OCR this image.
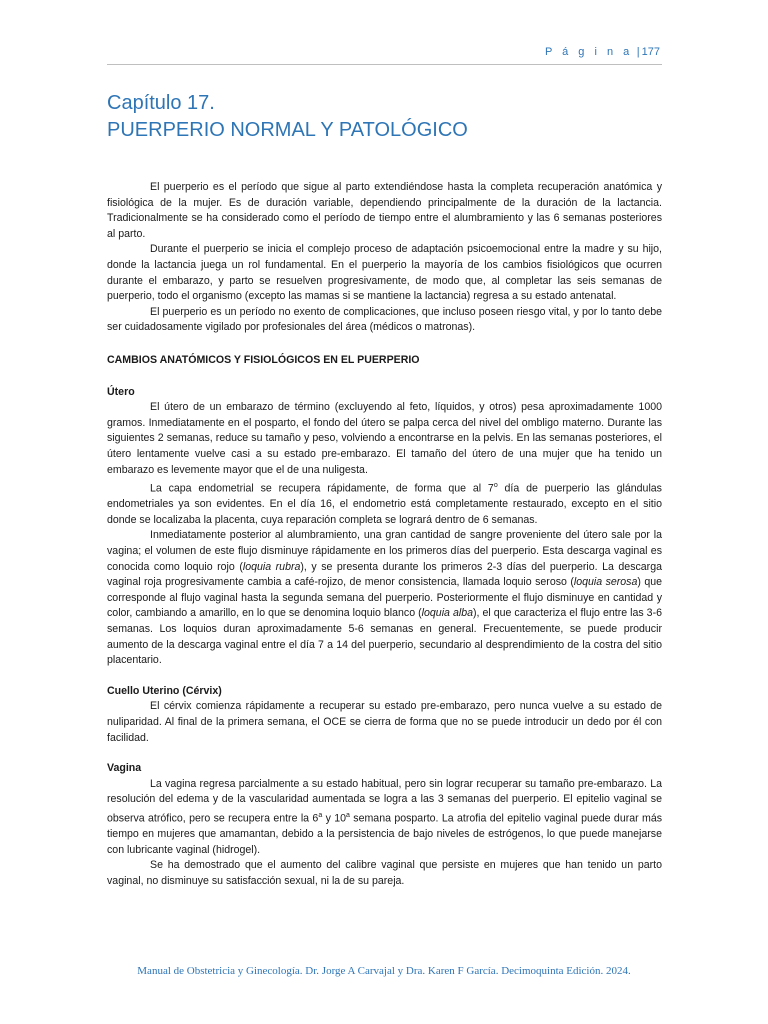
P á g i n a | 177
Capítulo 17.
PUERPERIO NORMAL Y PATOLÓGICO

El puerperio es el período que sigue al parto extendiéndose hasta la completa recuperación anatómica y fisiológica de la mujer. Es de duración variable, dependiendo principalmente de la duración de la lactancia. Tradicionalmente se ha considerado como el período de tiempo entre el alumbramiento y las 6 semanas posteriores al parto.

Durante el puerperio se inicia el complejo proceso de adaptación psicoemocional entre la madre y su hijo, donde la lactancia juega un rol fundamental. En el puerperio la mayoría de los cambios fisiológicos que ocurren durante el embarazo, y parto se resuelven progresivamente, de modo que, al completar las seis semanas de puerperio, todo el organismo (excepto las mamas si se mantiene la lactancia) regresa a su estado antenatal.

El puerperio es un período no exento de complicaciones, que incluso poseen riesgo vital, y por lo tanto debe ser cuidadosamente vigilado por profesionales del área (médicos o matronas).

CAMBIOS ANATÓMICOS Y FISIOLÓGICOS EN EL PUERPERIO
Útero

El útero de un embarazo de término (excluyendo al feto, líquidos, y otros) pesa aproximadamente 1000 gramos. Inmediatamente en el posparto, el fondo del útero se palpa cerca del nivel del ombligo materno. Durante las siguientes 2 semanas, reduce su tamaño y peso, volviendo a encontrarse en la pelvis. En las semanas posteriores, el útero lentamente vuelve casi a su estado pre-embarazo. El tamaño del útero de una mujer que ha tenido un embarazo es levemente mayor que el de una nuligesta.

La capa endometrial se recupera rápidamente, de forma que al 7$^o$ día de puerperio las glándulas endometriales ya son evidentes. En el día 16, el endometrio está completamente restaurado, excepto en el sitio donde se localizaba la placenta, cuya reparación completa se logrará dentro de 6 semanas.

Inmediatamente posterior al alumbramiento, una gran cantidad de sangre proveniente del útero sale por la vagina; el volumen de este flujo disminuye rápidamente en los primeros días del puerperio. Esta descarga vaginal es conocida como loquio rojo (loquia rubra), y se presenta durante los primeros 2-3 días del puerperio. La descarga vaginal roja progresivamente cambia a café-rojizo, de menor consistencia, llamada loquio seroso (loquia serosa) que corresponde al flujo vaginal hasta la segunda semana del puerperio. Posteriormente el flujo disminuye en cantidad y color, cambiando a amarillo, en lo que se denomina loquio blanco (loquia alba), el que caracteriza el flujo entre las 3-6 semanas. Los loquios duran aproximadamente 5-6 semanas en general. Frecuentemente, se puede producir aumento de la descarga vaginal entre el día 7 a 14 del puerperio, secundario al desprendimiento de la costra del sitio placentario.

Cuello Uterino (Cérvix)

El cérvix comienza rápidamente a recuperar su estado pre-embarazo, pero nunca vuelve a su estado de nuliparidad. Al final de la primera semana, el OCE se cierra de forma que no se puede introducir un dedo por él con facilidad.

Vagina

La vagina regresa parcialmente a su estado habitual, pero sin lograr recuperar su tamaño pre-embarazo. La resolución del edema y de la vascularidad aumentada se logra a las 3 semanas del puerperio. El epitelio vaginal se observa atrófico, pero se recupera entre la 6$^a$ y 10$^a$ semana posparto. La atrofia del epitelio vaginal puede durar más tiempo en mujeres que amamantan, debido a la persistencia de bajo niveles de estrógenos, lo que puede manejarse con lubricante vaginal (hidrogel).

Se ha demostrado que el aumento del calibre vaginal que persiste en mujeres que han tenido un parto vaginal, no disminuye su satisfacción sexual, ni la de su pareja.

Manual de Obstetricia y Ginecología. Dr. Jorge A Carvajal y Dra. Karen F García. Decimoquinta Edición. 2024.
